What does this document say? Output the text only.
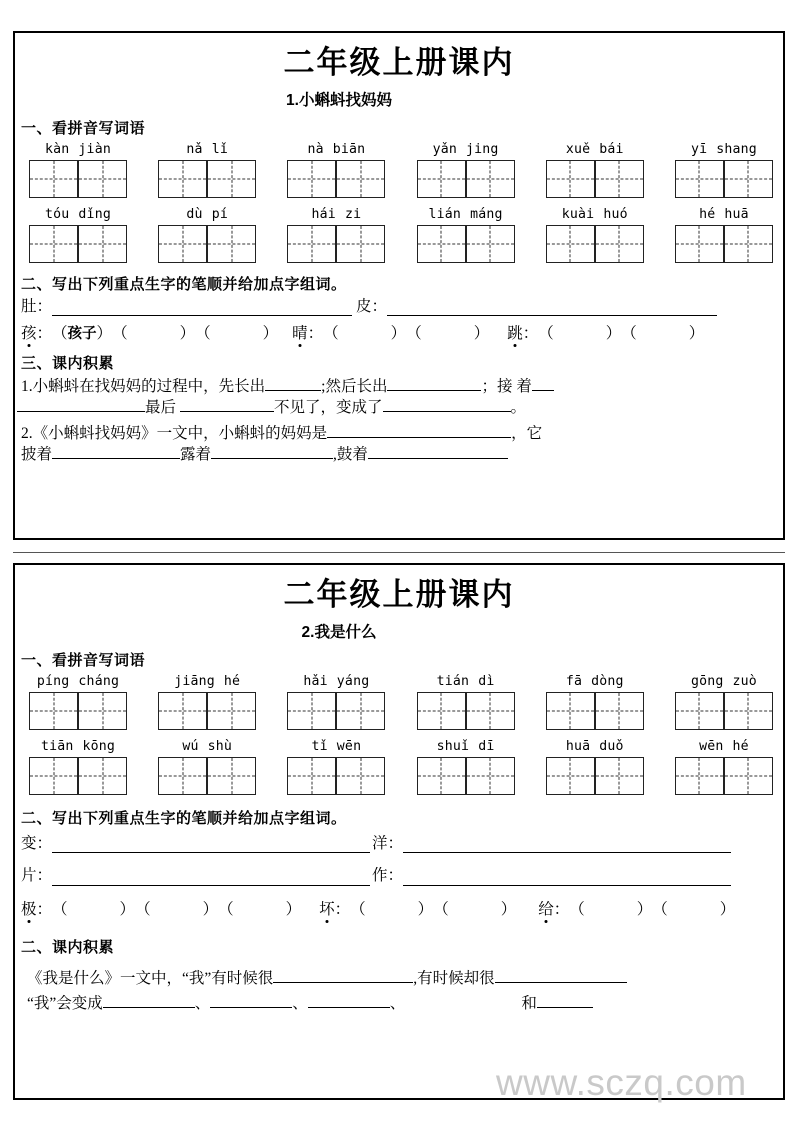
二年级上册课内
1.小蝌蚪找妈妈
一、看拼音写词语
kàn jiàn	nǎ lǐ	nà biān	yǎn jing	xuě bái	yī shang
tóu dǐng	dù pí	hái zi	lián máng	kuài huó	hé huā
二、写出下列重点生字的笔顺并给加点字组词。
肚 ：	皮 ：
孩 ： （孩子） （	） （	） 晴 ： （	） （	） 跳 ： （	） （	）
三、课内积累
1.小蝌蚪在找妈妈的过程中，先长出	;然后长出	；接 着
最后	不见了，变成了	。
2.《小蝌蚪找妈妈》一文中，小蝌蚪的妈妈是	，它
披着	露着	,鼓着
二年级上册课内
2.我是什么
一、看拼音写词语
píng cháng	jiāng hé	hǎi yáng	tián dì	fā dòng	gōng zuò
tiān kōng	wú shù	tǐ wēn	shuǐ dī	huā duǒ	wēn hé
二、写出下列重点生字的笔顺并给加点字组词。
变 ：	洋 ：
片 ：	作 ：
极 ： （	） （	） （	） 坏 ： （	） （	） 给 ： （	） （	）
二、课内积累
《我是什么》一文中，“我”有时候很	,有时候却很
“我”会变成	、	、	、	和
www.sczq.com
